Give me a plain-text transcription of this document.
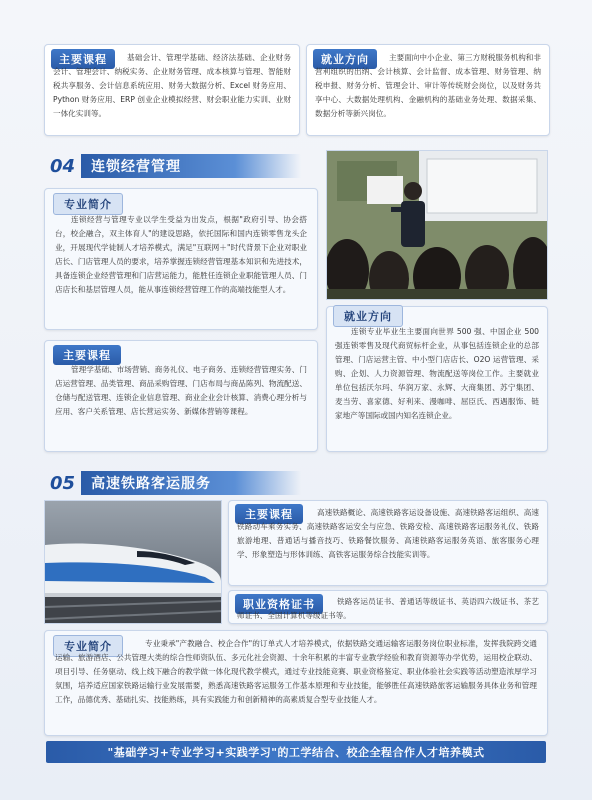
主要课程	基础会计、管理学基础、经济法基础、企业财务会计、管理会计、纳税实务、企业财务管理、成本核算与管理、智能财税共享服务、会计信息系统应用、财务大数据分析、Excel 财务应用、Python 财务应用、ERP 创业企业模拟经营、财会职业能力实训、业财一体化实训等。
就业方向	主要面向中小企业、第三方财税服务机构和非营利组织的出纳、会计核算、会计监督、成本管理、财务管理、纳税申报、财务分析、管理会计、审计等传统财会岗位，以及财务共享中心、大数据处理机构、金融机构的基础业务处理、数据采集、数据分析等新兴岗位。
04	连锁经营管理
专业简介
连锁经营与管理专业以学生受益为出发点，根据"政府引导、协会搭台，校企融合，双主体育人"的建设思路，依托国际和国内连锁零售龙头企业，开展现代学徒制人才培养模式，满足"互联网＋"时代背景下企业对职业店长、门店管理人员的要求，培养掌握连锁经营管理基本知识和先进技术，具备连锁企业经营管理和门店营运能力，能胜任连锁企业职能管理人员、门店店长和基层管理人员，能从事连锁经营管理工作的高端技能型人才。
主要课程
管理学基础、市场营销、商务礼仪、电子商务、连锁经营管理实务、门店运营管理、品类管理、商品采购管理、门店布局与商品陈列、物流配送、仓储与配送管理、连锁企业信息管理、商业企业会计核算、消费心理分析与应用、客户关系管理、店长营运实务、新媒体营销等课程。
就业方向
连锁专业毕业生主要面向世界 500 强、中国企业 500 强连锁零售及现代商贸标杆企业，从事包括连锁企业的总部管理、门店运营主管、中小型门店店长、O2O 运营管理、采购、企划、人力资源管理、物流配送等岗位工作。主要就业单位包括沃尔玛、华润万家、永辉、大商集团、苏宁集团、麦当劳、喜家德、好利来、漫咖啡、屈臣氏、西遇服饰、链家地产等国际或国内知名连锁企业。
05	高速铁路客运服务
主要课程	高速铁路概论、高速铁路客运设备设施、高速铁路客运组织、高速铁路动车乘务实务、高速铁路客运安全与应急、铁路安检、高速铁路客运服务礼仪、铁路旅游地理、普通话与播音技巧、铁路餐饮服务、高速铁路客运服务英语、旅客服务心理学、形象塑造与形体训练、高铁客运服务综合技能实训等。
职业资格证书	铁路客运员证书、普通话等级证书、英语四六级证书、茶艺师证书、全国计算机等级证书等。
专业简介	专业秉承"产教融合、校企合作"的订单式人才培养模式，依据铁路交通运输客运服务岗位职业标准，发挥我院跨交通运输、旅游酒店、公共管理大类的综合性师资队伍、多元化社会资源、十余年积累的丰富专业教学经验和教育资源等办学优势，运用校企联动、项目引导、任务驱动、线上线下融合的教学做一体化现代教学模式，通过专业技能竞赛、职业资格鉴定、职业体验社会实践等活动塑造浓厚学习氛围，培养适应国家铁路运输行业发展需要，熟悉高速铁路客运服务工作基本原理和专业技能，能够胜任高速铁路旅客运输服务具体业务和管理工作，品德优秀、基础扎实、技能熟练，具有实践能力和创新精神的高素质复合型专业技能人才。
"基础学习+专业学习+实践学习"的工学结合、校企全程合作人才培养模式
